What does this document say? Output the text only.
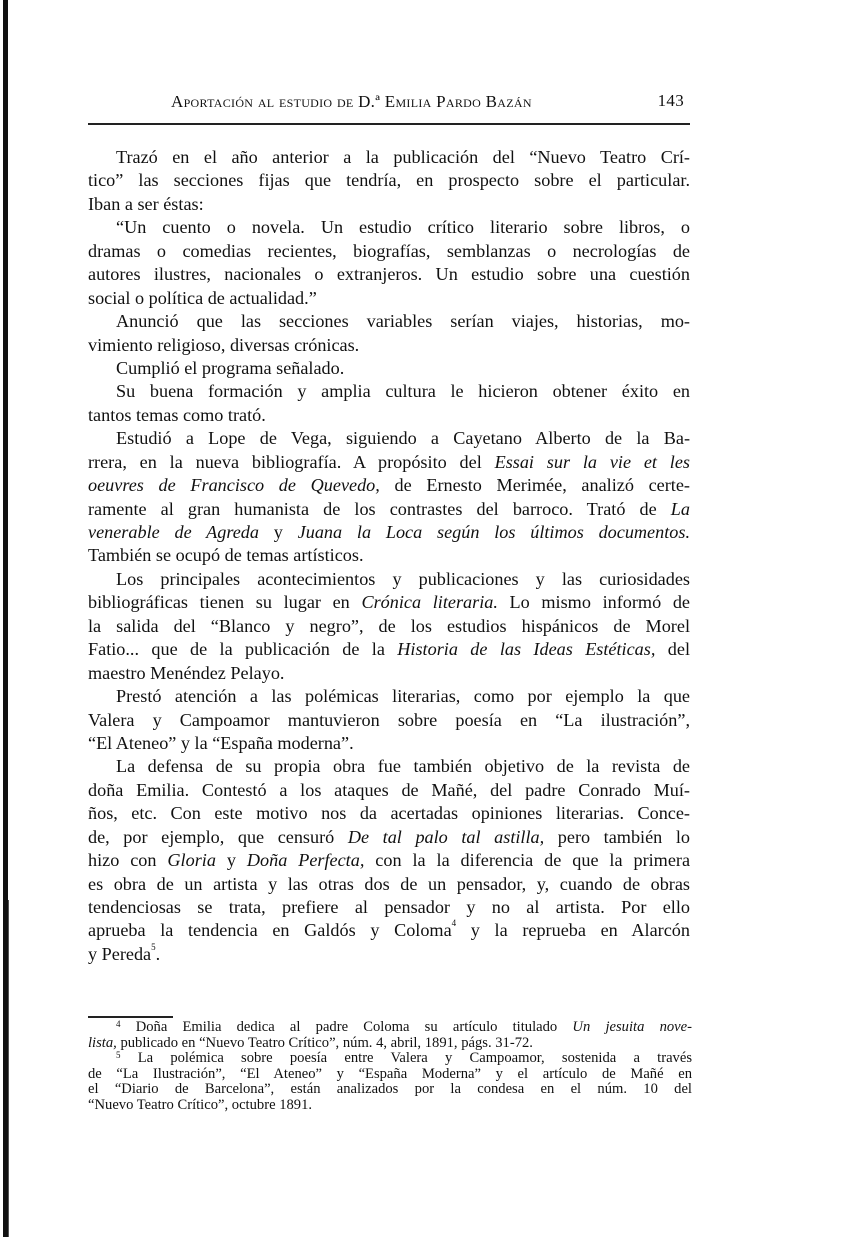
Aportación al estudio de D.ª Emilia Pardo Bazán	143
Trazó en el año anterior a la publicación del “Nuevo Teatro Crí-
tico” las secciones fijas que tendría, en prospecto sobre el particular.
Iban a ser éstas:
“Un cuento o novela. Un estudio crítico literario sobre libros, o
dramas o comedias recientes, biografías, semblanzas o necrologías de
autores ilustres, nacionales o extranjeros. Un estudio sobre una cuestión
social o política de actualidad.”
Anunció que las secciones variables serían viajes, historias, mo-
vimiento religioso, diversas crónicas.
Cumplió el programa señalado.
Su buena formación y amplia cultura le hicieron obtener éxito en
tantos temas como trató.
Estudió a Lope de Vega, siguiendo a Cayetano Alberto de la Ba-
rrera, en la nueva bibliografía. A propósito del Essai sur la vie et les
oeuvres de Francisco de Quevedo, de Ernesto Merimée, analizó certe-
ramente al gran humanista de los contrastes del barroco. Trató de La
venerable de Agreda y Juana la Loca según los últimos documentos.
También se ocupó de temas artísticos.
Los principales acontecimientos y publicaciones y las curiosidades
bibliográficas tienen su lugar en Crónica literaria. Lo mismo informó de
la salida del “Blanco y negro”, de los estudios hispánicos de Morel
Fatio... que de la publicación de la Historia de las Ideas Estéticas, del
maestro Menéndez Pelayo.
Prestó atención a las polémicas literarias, como por ejemplo la que
Valera y Campoamor mantuvieron sobre poesía en “La ilustración”,
“El Ateneo” y la “España moderna”.
La defensa de su propia obra fue también objetivo de la revista de
doña Emilia. Contestó a los ataques de Mañé, del padre Conrado Muí-
ños, etc. Con este motivo nos da acertadas opiniones literarias. Conce-
de, por ejemplo, que censuró De tal palo tal astilla, pero también lo
hizo con Gloria y Doña Perfecta, con la la diferencia de que la primera
es obra de un artista y las otras dos de un pensador, y, cuando de obras
tendenciosas se trata, prefiere al pensador y no al artista. Por ello
aprueba la tendencia en Galdós y Coloma$^4$ y la reprueba en Alarcón
y Pereda$^5$.
$^4$ Doña Emilia dedica al padre Coloma su artículo titulado Un jesuita nove-
lista, publicado en “Nuevo Teatro Crítico”, núm. 4, abril, 1891, págs. 31-72.
$^5$ La polémica sobre poesía entre Valera y Campoamor, sostenida a través
de “La Ilustración”, “El Ateneo” y “España Moderna” y el artículo de Mañé en
el “Diario de Barcelona”, están analizados por la condesa en el núm. 10 del
“Nuevo Teatro Crítico”, octubre 1891.
